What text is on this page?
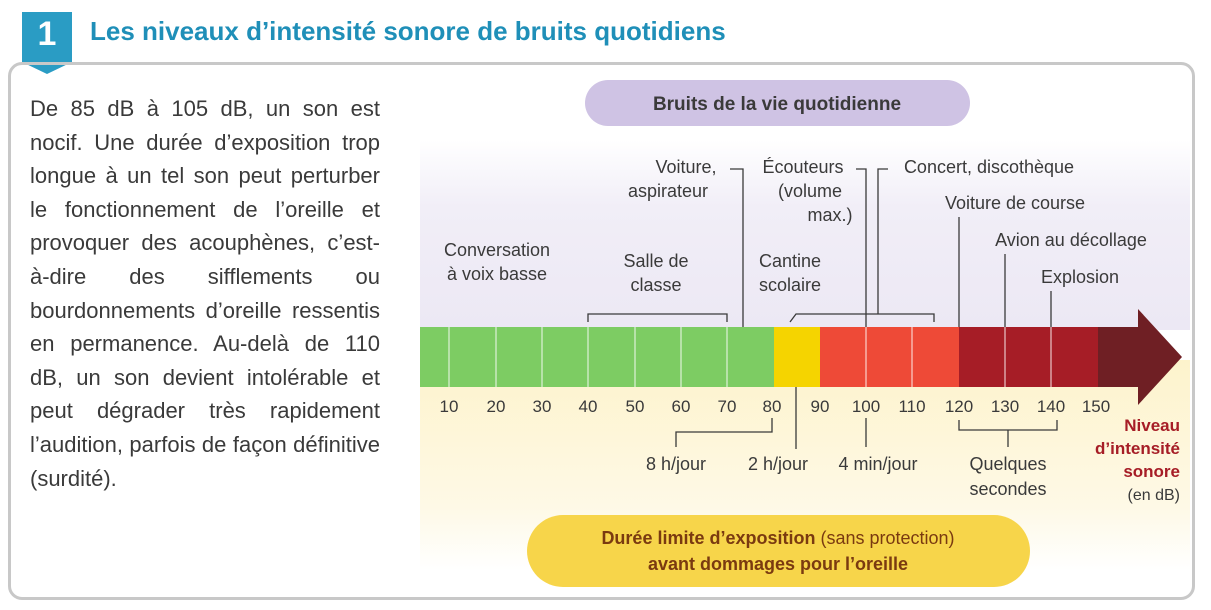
1	Les niveaux d’intensité sonore de bruits quotidiens
De 85 dB à 105 dB, un son est nocif. Une durée d’exposition trop longue à un tel son peut perturber le fonctionnement de l’oreille et provoquer des acouphènes, c’est-à-dire des sifflements ou bourdonnements d’oreille ressentis en permanence. Au-delà de 110 dB, un son devient intolérable et peut dégrader très rapidement l’audition, parfois de façon définitive (surdité).
Bruits de la vie quotidienne
10 20 30 40 50 60 70 80 90 100 110 120 130 140 150
Niveau
d’intensité
sonore
(en dB)
Conversation
à voix basse
Salle de
classe
Voiture,
aspirateur
Cantine
scolaire
Écouteurs
(volume
max.)
Concert, discothèque
Voiture de course
Avion au décollage
Explosion
8 h/jour 2 h/jour 4 min/jour	Quelques
secondes
Durée limite d’exposition (sans protection)
avant dommages pour l’oreille
